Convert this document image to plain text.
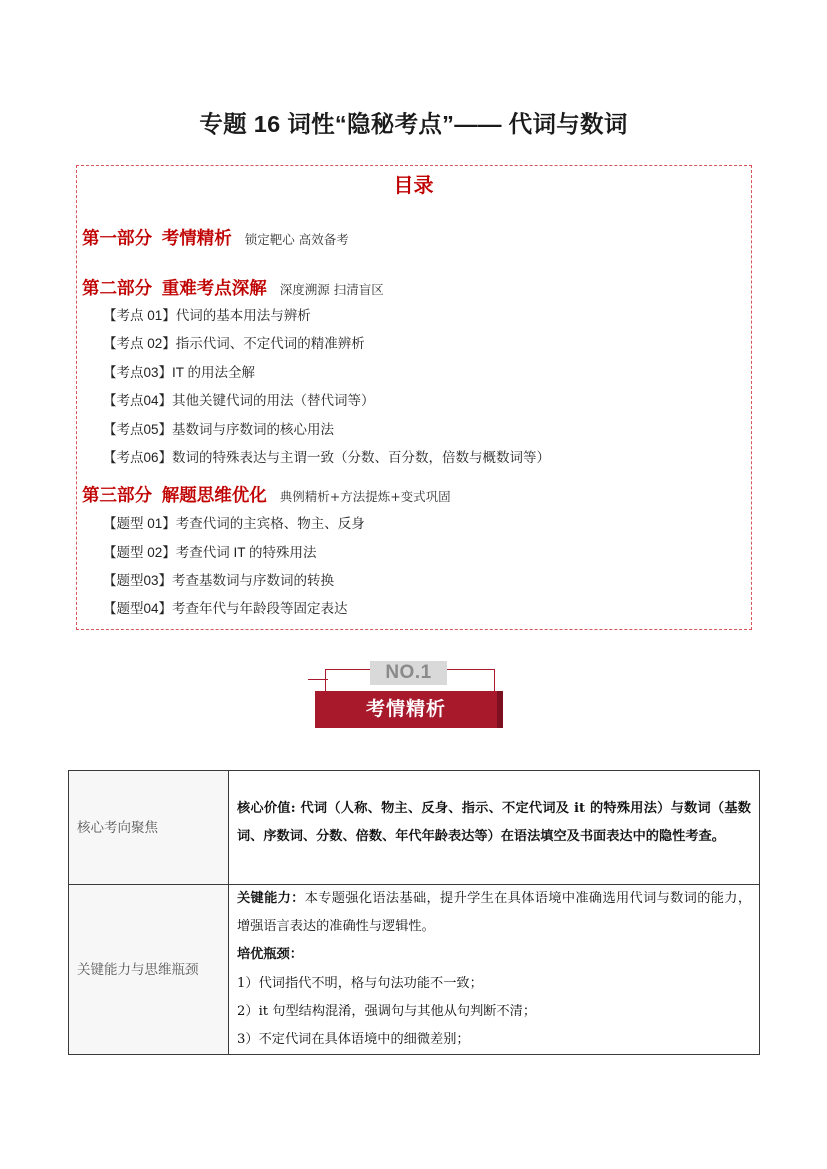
专题 16 词性“隐秘考点”—— 代词与数词
目录
第一部分  考情精析 锁定靶心 高效备考
第二部分  重难考点深解 深度溯源 扫清盲区
【考点 01】代词的基本用法与辨析
【考点 02】指示代词、不定代词的精准辨析
【考点03】IT 的用法全解
【考点04】其他关键代词的用法（替代词等）
【考点05】基数词与序数词的核心用法
【考点06】数词的特殊表达与主谓一致（分数、百分数，倍数与概数词等）
第三部分  解题思维优化 典例精析+方法提炼+变式巩固
【题型 01】考查代词的主宾格、物主、反身
【题型 02】考查代词 IT 的特殊用法
【题型03】考查基数词与序数词的转换
【题型04】考查年代与年龄段等固定表达
NO.1
考情精析
核心考向聚焦	核心价值: 代词（人称、物主、反身、指示、不定代词及 it 的特殊用法）与数词（基数词、序数词、分数、倍数、年代年龄表达等）在语法填空及书面表达中的隐性考查。

关键能力与思维瓶颈	关键能力：本专题强化语法基础，提升学生在具体语境中准确选用代词与数词的能力，增强语言表达的准确性与逻辑性。

培优瓶颈：

1）代词指代不明，格与句法功能不一致；

2）it 句型结构混淆，强调句与其他从句判断不清；

3）不定代词在具体语境中的细微差别；
